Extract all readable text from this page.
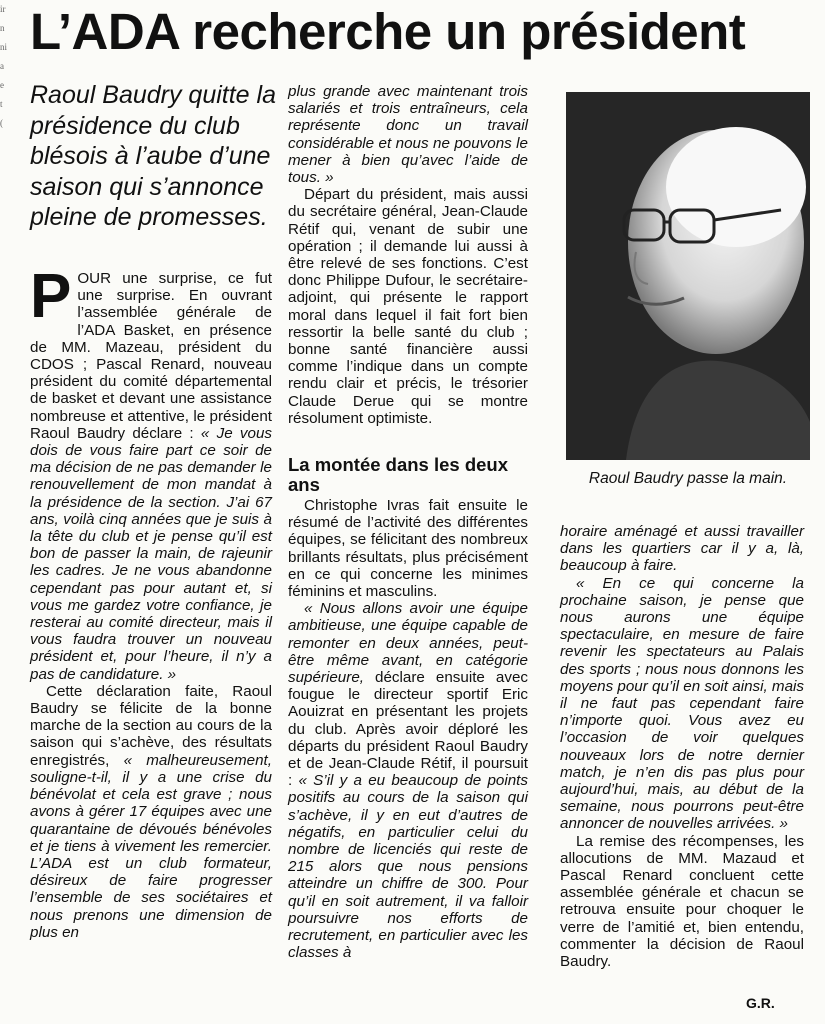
ir
n
ni
a
e
t
(
L’ADA recherche un président
Raoul Baudry quitte la présidence du club blésois à l’aube d’une saison qui s’annonce pleine de promesses.

POUR une surprise, ce fut une surprise. En ouvrant l’assemblée générale de l’ADA Basket, en présence de MM. Mazeau, président du CDOS ; Pascal Renard, nouveau président du comité départemental de basket et devant une assistance nombreuse et attentive, le président Raoul Baudry déclare : « Je vous dois de vous faire part ce soir de ma décision de ne pas demander le renouvellement de mon mandat à la présidence de la section. J’ai 67 ans, voilà cinq années que je suis à la tête du club et je pense qu’il est bon de passer la main, de rajeunir les cadres. Je ne vous abandonne cependant pas pour autant et, si vous me gardez votre confiance, je resterai au comité directeur, mais il vous faudra trouver un nouveau président et, pour l’heure, il n’y a pas de candidature. »

Cette déclaration faite, Raoul Baudry se félicite de la bonne marche de la section au cours de la saison qui s’achève, des résultats enregistrés, « malheureusement, souligne-t-il, il y a une crise du bénévolat et cela est grave ; nous avons à gérer 17 équipes avec une quarantaine de dévoués bénévoles et je tiens à vivement les remercier. L’ADA est un club formateur, désireux de faire progresser l’ensemble de ses sociétaires et nous prenons une dimension de plus en

plus grande avec maintenant trois salariés et trois entraîneurs, cela représente donc un travail considérable et nous ne pouvons le mener à bien qu’avec l’aide de tous. »

Départ du président, mais aussi du secrétaire général, Jean-Claude Rétif qui, venant de subir une opération ; il demande lui aussi à être relevé de ses fonctions. C’est donc Philippe Dufour, le secrétaire-adjoint, qui présente le rapport moral dans lequel il fait fort bien ressortir la belle santé du club ; bonne santé financière aussi comme l’indique dans un compte rendu clair et précis, le trésorier Claude Derue qui se montre résolument optimiste.

La montée dans les deux ans

Christophe Ivras fait ensuite le résumé de l’activité des différentes équipes, se félicitant des nombreux brillants résultats, plus précisément en ce qui concerne les minimes féminins et masculins.

« Nous allons avoir une équipe ambitieuse, une équipe capable de remonter en deux années, peut-être même avant, en catégorie supérieure, déclare ensuite avec fougue le directeur sportif Eric Aouizrat en présentant les projets du club. Après avoir déploré les départs du président Raoul Baudry et de Jean-Claude Rétif, il poursuit : « S’il y a eu beaucoup de points positifs au cours de la saison qui s’achève, il y en eut d’autres de négatifs, en particulier celui du nombre de licenciés qui reste de 215 alors que nous pensions atteindre un chiffre de 300. Pour qu’il en soit autrement, il va falloir poursuivre nos efforts de recrutement, en particulier avec les classes à

Raoul Baudry passe la main.

horaire aménagé et aussi travailler dans les quartiers car il y a, là, beaucoup à faire.

« En ce qui concerne la prochaine saison, je pense que nous aurons une équipe spectaculaire, en mesure de faire revenir les spectateurs au Palais des sports ; nous nous donnons les moyens pour qu’il en soit ainsi, mais il ne faut pas cependant faire n’importe quoi. Vous avez eu l’occasion de voir quelques nouveaux lors de notre dernier match, je n’en dis pas plus pour aujourd’hui, mais, au début de la semaine, nous pourrons peut-être annoncer de nouvelles arrivées. »

La remise des récompenses, les allocutions de MM. Mazaud et Pascal Renard concluent cette assemblée générale et chacun se retrouva ensuite pour choquer le verre de l’amitié et, bien entendu, commenter la décision de Raoul Baudry.

G.R.
